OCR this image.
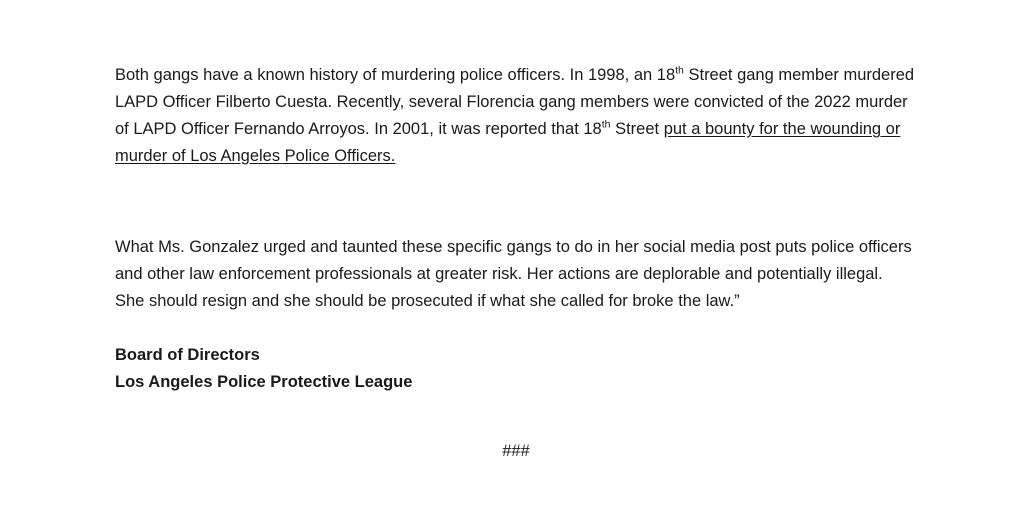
Both gangs have a known history of murdering police officers. In 1998, an 18th Street gang member murdered LAPD Officer Filberto Cuesta. Recently, several Florencia gang members were convicted of the 2022 murder of LAPD Officer Fernando Arroyos. In 2001, it was reported that 18th Street put a bounty for the wounding or murder of Los Angeles Police Officers.

What Ms. Gonzalez urged and taunted these specific gangs to do in her social media post puts police officers and other law enforcement professionals at greater risk. Her actions are deplorable and potentially illegal. She should resign and she should be prosecuted if what she called for broke the law.”

Board of Directors

Los Angeles Police Protective League

###
